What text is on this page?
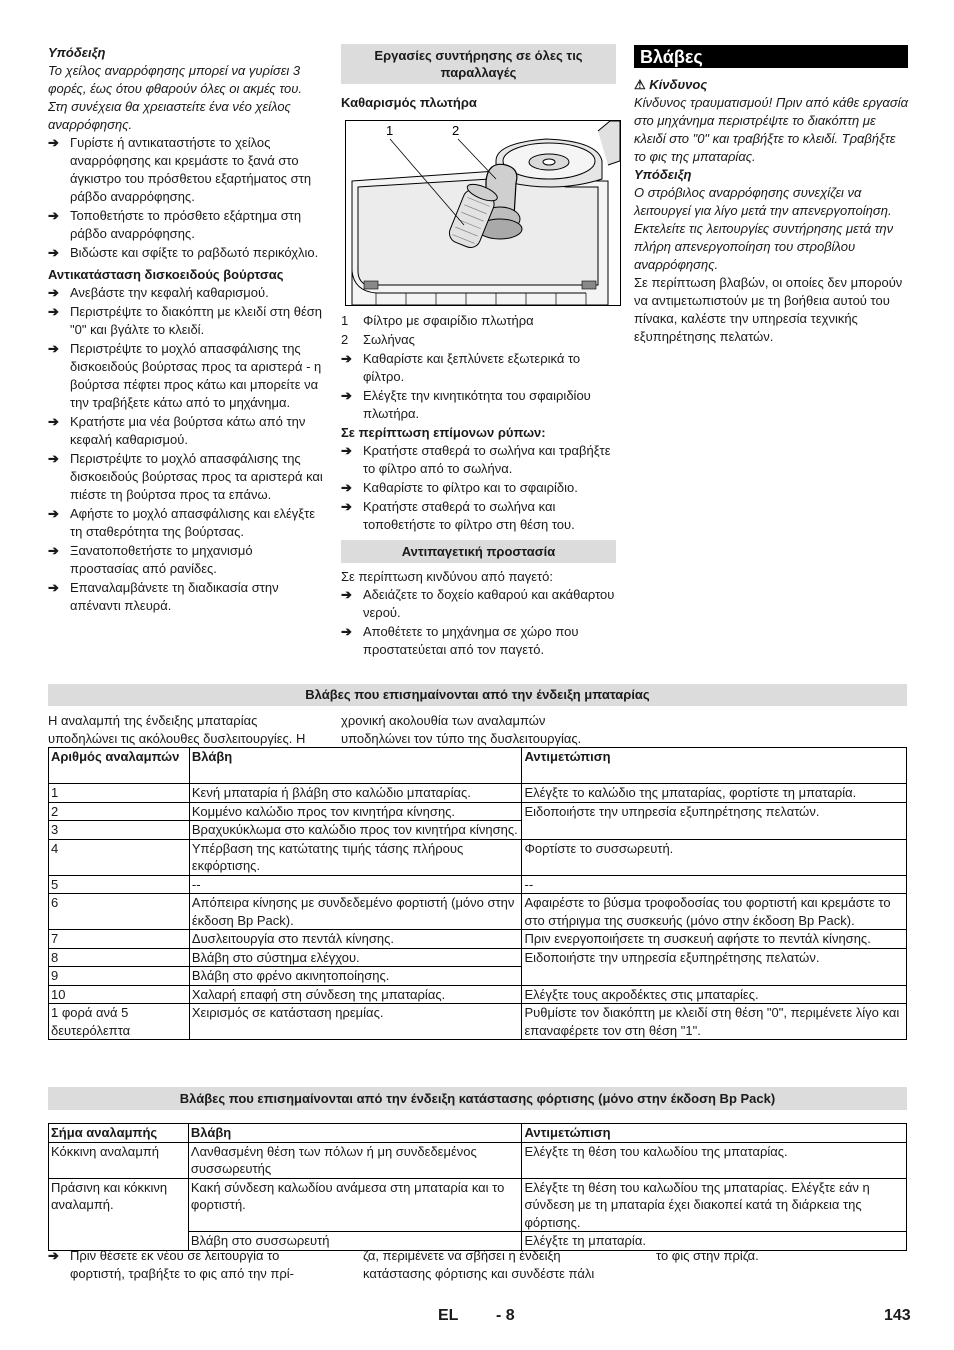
Υπόδειξη

Το χείλος αναρρόφησης μπορεί να γυρίσει 3 φορές, έως ότου φθαρούν όλες οι ακμές του. Στη συνέχεια θα χρειαστείτε ένα νέο χείλος αναρρόφησης.

➔ Γυρίστε ή αντικαταστήστε το χείλος αναρρόφησης και κρεμάστε το ξανά στο άγκιστρο του πρόσθετου εξαρτήματος στη ράβδο αναρρόφησης.
➔ Τοποθετήστε το πρόσθετο εξάρτημα στη ράβδο αναρρόφησης.
➔ Βιδώστε και σφίξτε το ραβδωτό περικόχλιο.

Αντικατάσταση δισκοειδούς βούρτσας

➔ Ανεβάστε την κεφαλή καθαρισμού.
➔ Περιστρέψτε το διακόπτη με κλειδί στη θέση "0" και βγάλτε το κλειδί.
➔ Περιστρέψτε το μοχλό απασφάλισης της δισκοειδούς βούρτσας προς τα αριστερά - η βούρτσα πέφτει προς κάτω και μπορείτε να την τραβήξετε κάτω από το μηχάνημα.
➔ Κρατήστε μια νέα βούρτσα κάτω από την κεφαλή καθαρισμού.
➔ Περιστρέψτε το μοχλό απασφάλισης της δισκοειδούς βούρτσας προς τα αριστερά και πιέστε τη βούρτσα προς τα επάνω.
➔ Αφήστε το μοχλό απασφάλισης και ελέγξτε τη σταθερότητα της βούρτσας.
➔ Ξανατοποθετήστε το μηχανισμό προστασίας από ρανίδες.
➔ Επαναλαμβάνετε τη διαδικασία στην απέναντι πλευρά.
Εργασίες συντήρησης σε όλες τις παραλλαγές

Καθαρισμός πλωτήρα

1	2
1	Φίλτρο με σφαιρίδιο πλωτήρα
2	Σωλήνας
➔ Καθαρίστε και ξεπλύνετε εξωτερικά το φίλτρο.
➔ Ελέγξτε την κινητικότητα του σφαιριδίου πλωτήρα.

Σε περίπτωση επίμονων ρύπων:

➔ Κρατήστε σταθερά το σωλήνα και τραβήξτε το φίλτρο από το σωλήνα.
➔ Καθαρίστε το φίλτρο και το σφαιρίδιο.
➔ Κρατήστε σταθερά το σωλήνα και τοποθετήστε το φίλτρο στη θέση του.
Αντιπαγετική προστασία

Σε περίπτωση κινδύνου από παγετό:

➔ Αδειάζετε το δοχείο καθαρού και ακάθαρτου νερού.
➔ Αποθέτετε το μηχάνημα σε χώρο που προστατεύεται από τον παγετό.
Βλάβες

⚠ Κίνδυνος

Κίνδυνος τραυματισμού! Πριν από κάθε εργασία στο μηχάνημα περιστρέψτε το διακόπτη με κλειδί στο "0" και τραβήξτε το κλειδί. Τραβήξτε το φις της μπαταρίας.

Υπόδειξη

Ο στρόβιλος αναρρόφησης συνεχίζει να λειτουργεί για λίγο μετά την απενεργοποίηση. Εκτελείτε τις λειτουργίες συντήρησης μετά την πλήρη απενεργοποίηση του στροβίλου αναρρόφησης.

Σε περίπτωση βλαβών, οι οποίες δεν μπορούν να αντιμετωπιστούν με τη βοήθεια αυτού του πίνακα, καλέστε την υπηρεσία τεχνικής εξυπηρέτησης πελατών.

Βλάβες που επισημαίνονται από την ένδειξη μπαταρίας

Η αναλαμπή της ένδειξης μπαταρίας υποδηλώνει τις ακόλουθες δυσλειτουργίες. Η

χρονική ακολουθία των αναλαμπών υποδηλώνει τον τύπο της δυσλειτουργίας.

Αριθμός αναλαμπών	Βλάβη	Αντιμετώπιση
1	Κενή μπαταρία ή βλάβη στο καλώδιο μπαταρίας.	Ελέγξτε το καλώδιο της μπαταρίας, φορτίστε τη μπαταρία.
2	Κομμένο καλώδιο προς τον κινητήρα κίνησης.	Ειδοποιήστε την υπηρεσία εξυπηρέτησης πελατών.
3	Βραχυκύκλωμα στο καλώδιο προς τον κινητήρα κίνησης.	
4	Υπέρβαση της κατώτατης τιμής τάσης πλήρους εκφόρτισης.	Φορτίστε το συσσωρευτή.
5	--	--
6	Απόπειρα κίνησης με συνδεδεμένο φορτιστή (μόνο στην έκδοση Bp Pack).	Αφαιρέστε το βύσμα τροφοδοσίας του φορτιστή και κρεμάστε το στο στήριγμα της συσκευής (μόνο στην έκδοση Bp Pack).
7	Δυσλειτουργία στο πεντάλ κίνησης.	Πριν ενεργοποιήσετε τη συσκευή αφήστε το πεντάλ κίνησης.
8	Βλάβη στο σύστημα ελέγχου.	Ειδοποιήστε την υπηρεσία εξυπηρέτησης πελατών.
9	Βλάβη στο φρένο ακινητοποίησης.	
10	Χαλαρή επαφή στη σύνδεση της μπαταρίας.	Ελέγξτε τους ακροδέκτες στις μπαταρίες.
1 φορά ανά 5 δευτερόλεπτα	Χειρισμός σε κατάσταση ηρεμίας.	Ρυθμίστε τον διακόπτη με κλειδί στη θέση "0", περιμένετε λίγο και επαναφέρετε τον στη θέση "1".
Βλάβες που επισημαίνονται από την ένδειξη κατάστασης φόρτισης (μόνο στην έκδοση Bp Pack)
Σήμα αναλαμπής	Βλάβη	Αντιμετώπιση
Κόκκινη αναλαμπή	Λανθασμένη θέση των πόλων ή μη συνδεδεμένος συσσωρευτής	Ελέγξτε τη θέση του καλωδίου της μπαταρίας.
Πράσινη και κόκκινη αναλαμπή.	Κακή σύνδεση καλωδίου ανάμεσα στη μπαταρία και το φορτιστή.	Ελέγξτε τη θέση του καλωδίου της μπαταρίας. Ελέγξτε εάν η σύνδεση με τη μπαταρία έχει διακοπεί κατά τη διάρκεια της φόρτισης.
	Βλάβη στο συσσωρευτή	Ελέγξτε τη μπαταρία.
➔ Πριν θέσετε εκ νέου σε λειτουργία το φορτιστή, τραβήξτε το φις από την πρί-

ζα, περιμένετε να σβήσει η ένδειξη κατάστασης φόρτισης και συνδέστε πάλι

το φις στην πρίζα.

EL - 8	143
